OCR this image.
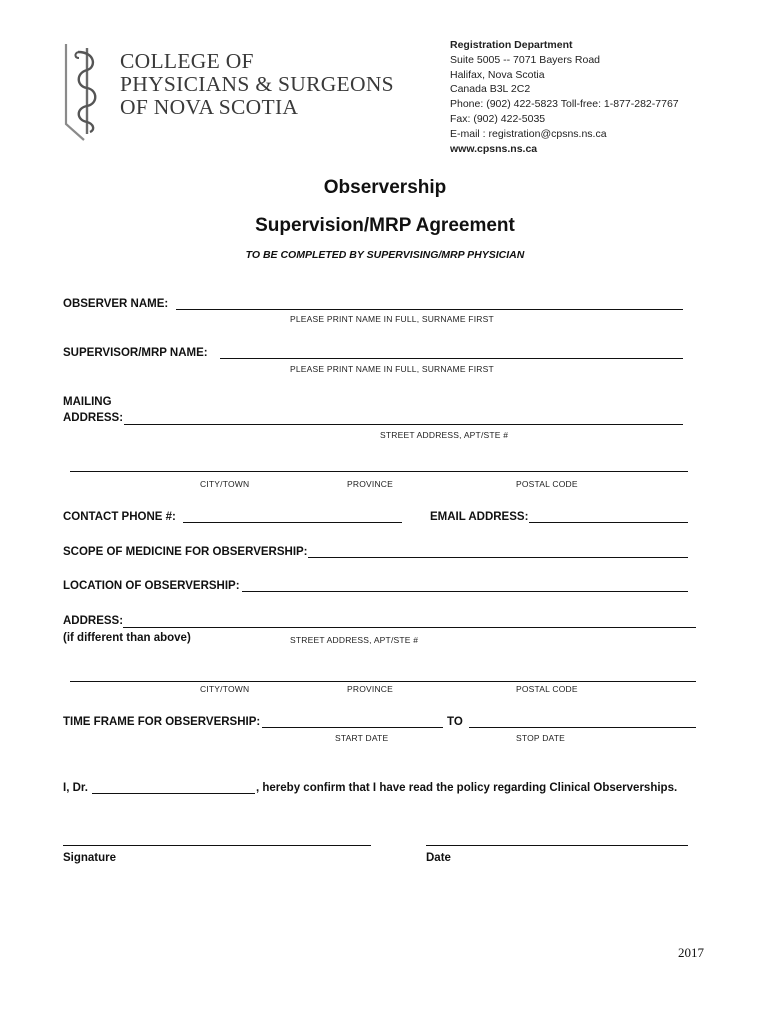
COLLEGE OF
PHYSICIANS & SURGEONS
OF NOVA SCOTIA
Registration Department
Suite 5005 -- 7071 Bayers Road
Halifax, Nova Scotia
Canada B3L 2C2
Phone: (902) 422-5823 Toll-free: 1-877-282-7767
Fax: (902) 422-5035
E-mail : registration@cpsns.ns.ca
www.cpsns.ns.ca
Observership
Supervision/MRP Agreement
TO BE COMPLETED BY SUPERVISING/MRP PHYSICIAN
OBSERVER NAME:
PLEASE PRINT NAME IN FULL, SURNAME FIRST
SUPERVISOR/MRP NAME:
PLEASE PRINT NAME IN FULL, SURNAME FIRST
MAILING
ADDRESS:
STREET ADDRESS, APT/STE #
CITY/TOWN	PROVINCE	POSTAL CODE
CONTACT PHONE #:	EMAIL ADDRESS:
SCOPE OF MEDICINE FOR OBSERVERSHIP:
LOCATION OF OBSERVERSHIP:
ADDRESS:
(if different than above)	STREET ADDRESS, APT/STE #
CITY/TOWN	PROVINCE	POSTAL CODE
TIME FRAME FOR OBSERVERSHIP:	TO
START DATE	STOP DATE
I, Dr.	, hereby confirm that I have read the policy regarding Clinical Observerships.
Signature	Date
2017
